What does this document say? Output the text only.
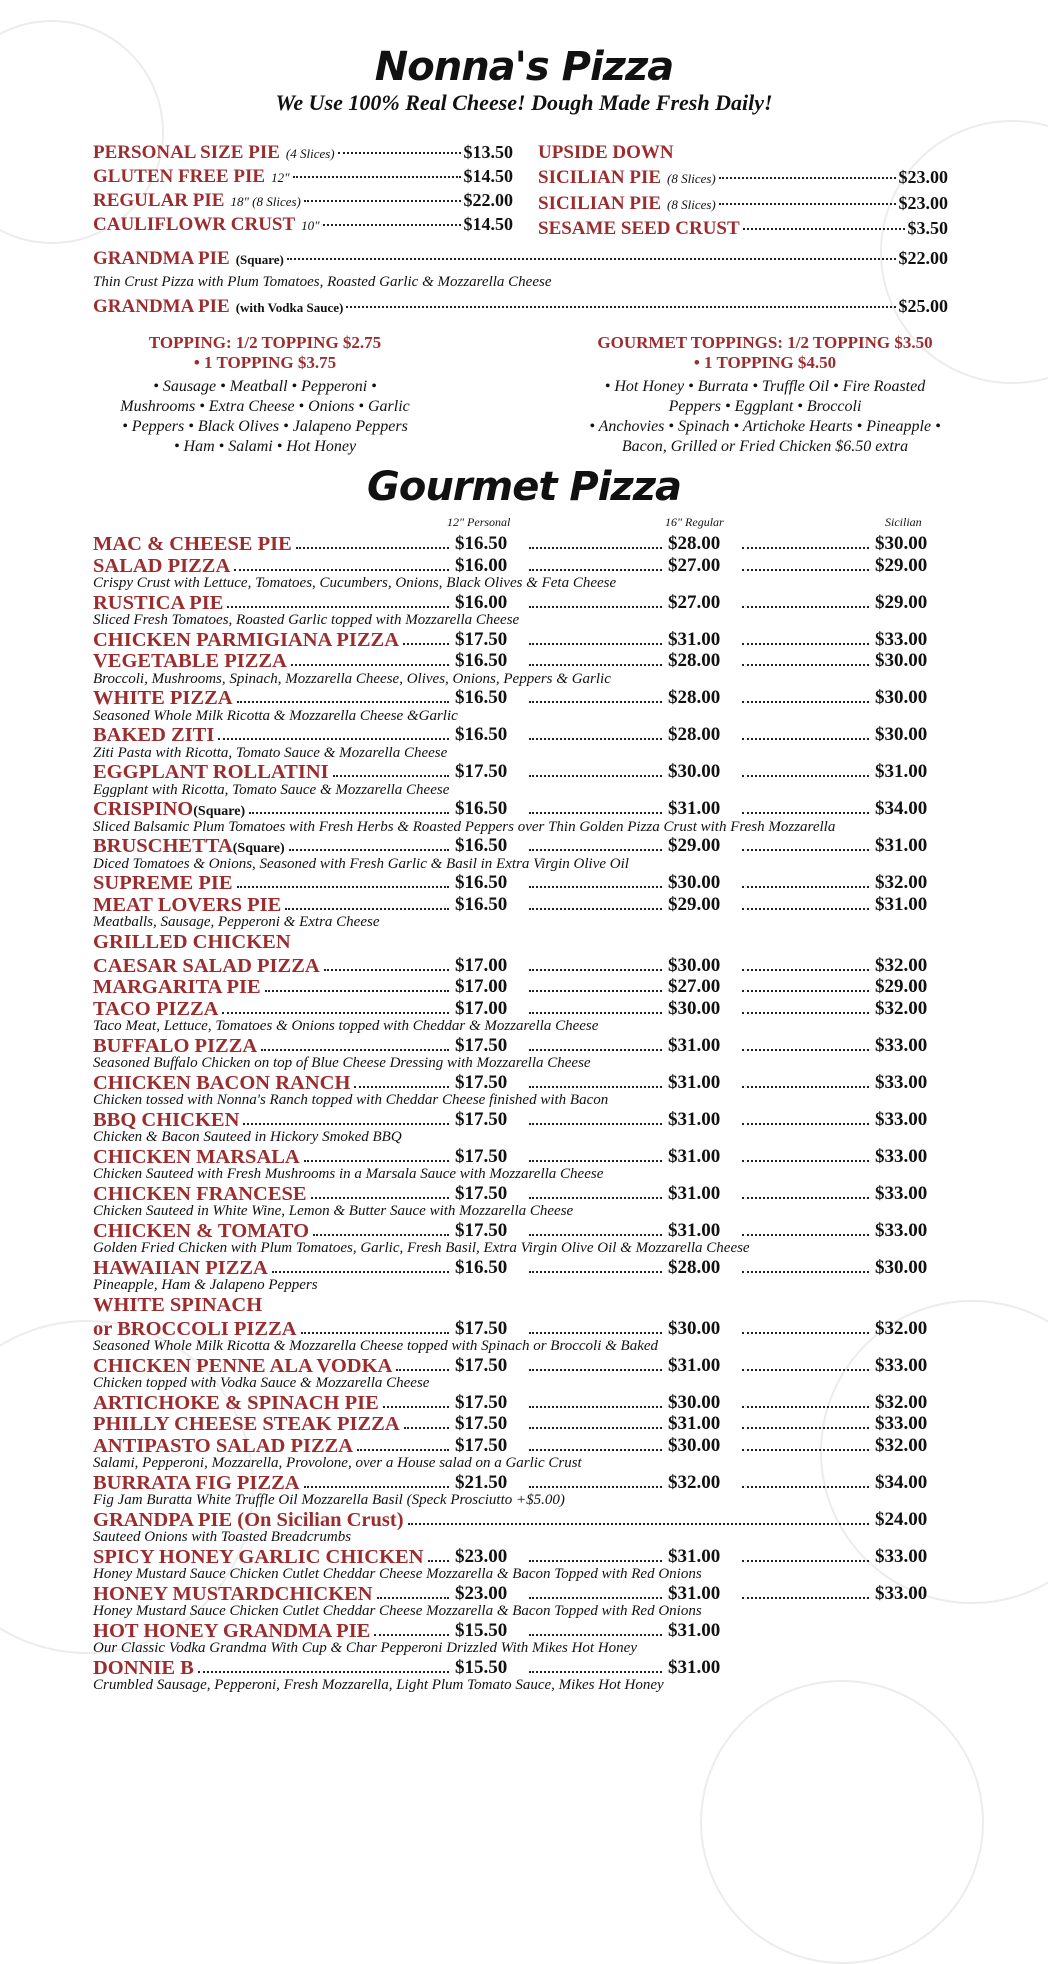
Nonna's Pizza
We Use 100% Real Cheese! Dough Made Fresh Daily!
PERSONAL SIZE PIE (4 Slices)	$13.50
GLUTEN FREE PIE 12"	$14.50
REGULAR PIE 18" (8 Slices)	$22.00
CAULIFLOWR CRUST 10"	$14.50
UPSIDE DOWN
SICILIAN PIE (8 Slices)	$23.00
SICILIAN PIE (8 Slices)	$23.00
SESAME SEED CRUST	$3.50
GRANDMA PIE (Square)	$22.00
Thin Crust Pizza with Plum Tomatoes, Roasted Garlic & Mozzarella Cheese
GRANDMA PIE (with Vodka Sauce)	$25.00
TOPPING: 1/2 TOPPING $2.75
• 1 TOPPING $3.75
• Sausage • Meatball • Pepperoni •
Mushrooms • Extra Cheese • Onions • Garlic
• Peppers • Black Olives • Jalapeno Peppers
• Ham • Salami • Hot Honey
GOURMET TOPPINGS: 1/2 TOPPING $3.50
• 1 TOPPING $4.50
• Hot Honey • Burrata • Truffle Oil • Fire Roasted
Peppers • Eggplant • Broccoli
• Anchovies • Spinach • Artichoke Hearts • Pineapple •
Bacon, Grilled or Fried Chicken $6.50 extra
Gourmet Pizza
12" Personal	16" Regular	Sicilian
MAC & CHEESE PIE	$16.50	$28.00	$30.00
SALAD PIZZA	$16.00	$27.00	$29.00
Crispy Crust with Lettuce, Tomatoes, Cucumbers, Onions, Black Olives & Feta Cheese
RUSTICA PIE	$16.00	$27.00	$29.00
Sliced Fresh Tomatoes, Roasted Garlic topped with Mozzarella Cheese
CHICKEN PARMIGIANA PIZZA	$17.50	$31.00	$33.00
VEGETABLE PIZZA	$16.50	$28.00	$30.00
Broccoli, Mushrooms, Spinach, Mozzarella Cheese, Olives, Onions, Peppers & Garlic
WHITE PIZZA	$16.50	$28.00	$30.00
Seasoned Whole Milk Ricotta & Mozzarella Cheese &Garlic
BAKED ZITI	$16.50	$28.00	$30.00
Ziti Pasta with Ricotta, Tomato Sauce & Mozarella Cheese
EGGPLANT ROLLATINI	$17.50	$30.00	$31.00
Eggplant with Ricotta, Tomato Sauce & Mozzarella Cheese
CRISPINO(Square)	$16.50	$31.00	$34.00
Sliced Balsamic Plum Tomatoes with Fresh Herbs & Roasted Peppers over Thin Golden Pizza Crust with Fresh Mozzarella
BRUSCHETTA(Square)	$16.50	$29.00	$31.00
Diced Tomatoes & Onions, Seasoned with Fresh Garlic & Basil in Extra Virgin Olive Oil
SUPREME PIE	$16.50	$30.00	$32.00
MEAT LOVERS PIE	$16.50	$29.00	$31.00
Meatballs, Sausage, Pepperoni & Extra Cheese
GRILLED CHICKEN
CAESAR SALAD PIZZA	$17.00	$30.00	$32.00
MARGARITA PIE	$17.00	$27.00	$29.00
TACO PIZZA	$17.00	$30.00	$32.00
Taco Meat, Lettuce, Tomatoes & Onions topped with Cheddar & Mozzarella Cheese
BUFFALO PIZZA	$17.50	$31.00	$33.00
Seasoned Buffalo Chicken on top of Blue Cheese Dressing with Mozzarella Cheese
CHICKEN BACON RANCH	$17.50	$31.00	$33.00
Chicken tossed with Nonna's Ranch topped with Cheddar Cheese finished with Bacon
BBQ CHICKEN	$17.50	$31.00	$33.00
Chicken & Bacon Sauteed in Hickory Smoked BBQ
CHICKEN MARSALA	$17.50	$31.00	$33.00
Chicken Sauteed with Fresh Mushrooms in a Marsala Sauce with Mozzarella Cheese
CHICKEN FRANCESE	$17.50	$31.00	$33.00
Chicken Sauteed in White Wine, Lemon & Butter Sauce with Mozzarella Cheese
CHICKEN & TOMATO	$17.50	$31.00	$33.00
Golden Fried Chicken with Plum Tomatoes, Garlic, Fresh Basil, Extra Virgin Olive Oil & Mozzarella Cheese
HAWAIIAN PIZZA	$16.50	$28.00	$30.00
Pineapple, Ham & Jalapeno Peppers
WHITE SPINACH
or BROCCOLI PIZZA	$17.50	$30.00	$32.00
Seasoned Whole Milk Ricotta & Mozzarella Cheese topped with Spinach or Broccoli & Baked
CHICKEN PENNE ALA VODKA	$17.50	$31.00	$33.00
Chicken topped with Vodka Sauce & Mozzarella Cheese
ARTICHOKE & SPINACH PIE	$17.50	$30.00	$32.00
PHILLY CHEESE STEAK PIZZA	$17.50	$31.00	$33.00
ANTIPASTO SALAD PIZZA	$17.50	$30.00	$32.00
Salami, Pepperoni, Mozzarella, Provolone, over a House salad on a Garlic Crust
BURRATA FIG PIZZA	$21.50	$32.00	$34.00
Fig Jam Buratta White Truffle Oil Mozzarella Basil (Speck Prosciutto +$5.00)
GRANDPA PIE (On Sicilian Crust)	$24.00
Sauteed Onions with Toasted Breadcrumbs
SPICY HONEY GARLIC CHICKEN $23.00	$31.00	$33.00
Honey Mustard Sauce Chicken Cutlet Cheddar Cheese Mozzarella & Bacon Topped with Red Onions
HONEY MUSTARDCHICKEN	$23.00	$31.00	$33.00
Honey Mustard Sauce Chicken Cutlet Cheddar Cheese Mozzarella & Bacon Topped with Red Onions
HOT HONEY GRANDMA PIE	$15.50	$31.00
Our Classic Vodka Grandma With Cup & Char Pepperoni Drizzled With Mikes Hot Honey
DONNIE B	$15.50	$31.00
Crumbled Sausage, Pepperoni, Fresh Mozzarella, Light Plum Tomato Sauce, Mikes Hot Honey
